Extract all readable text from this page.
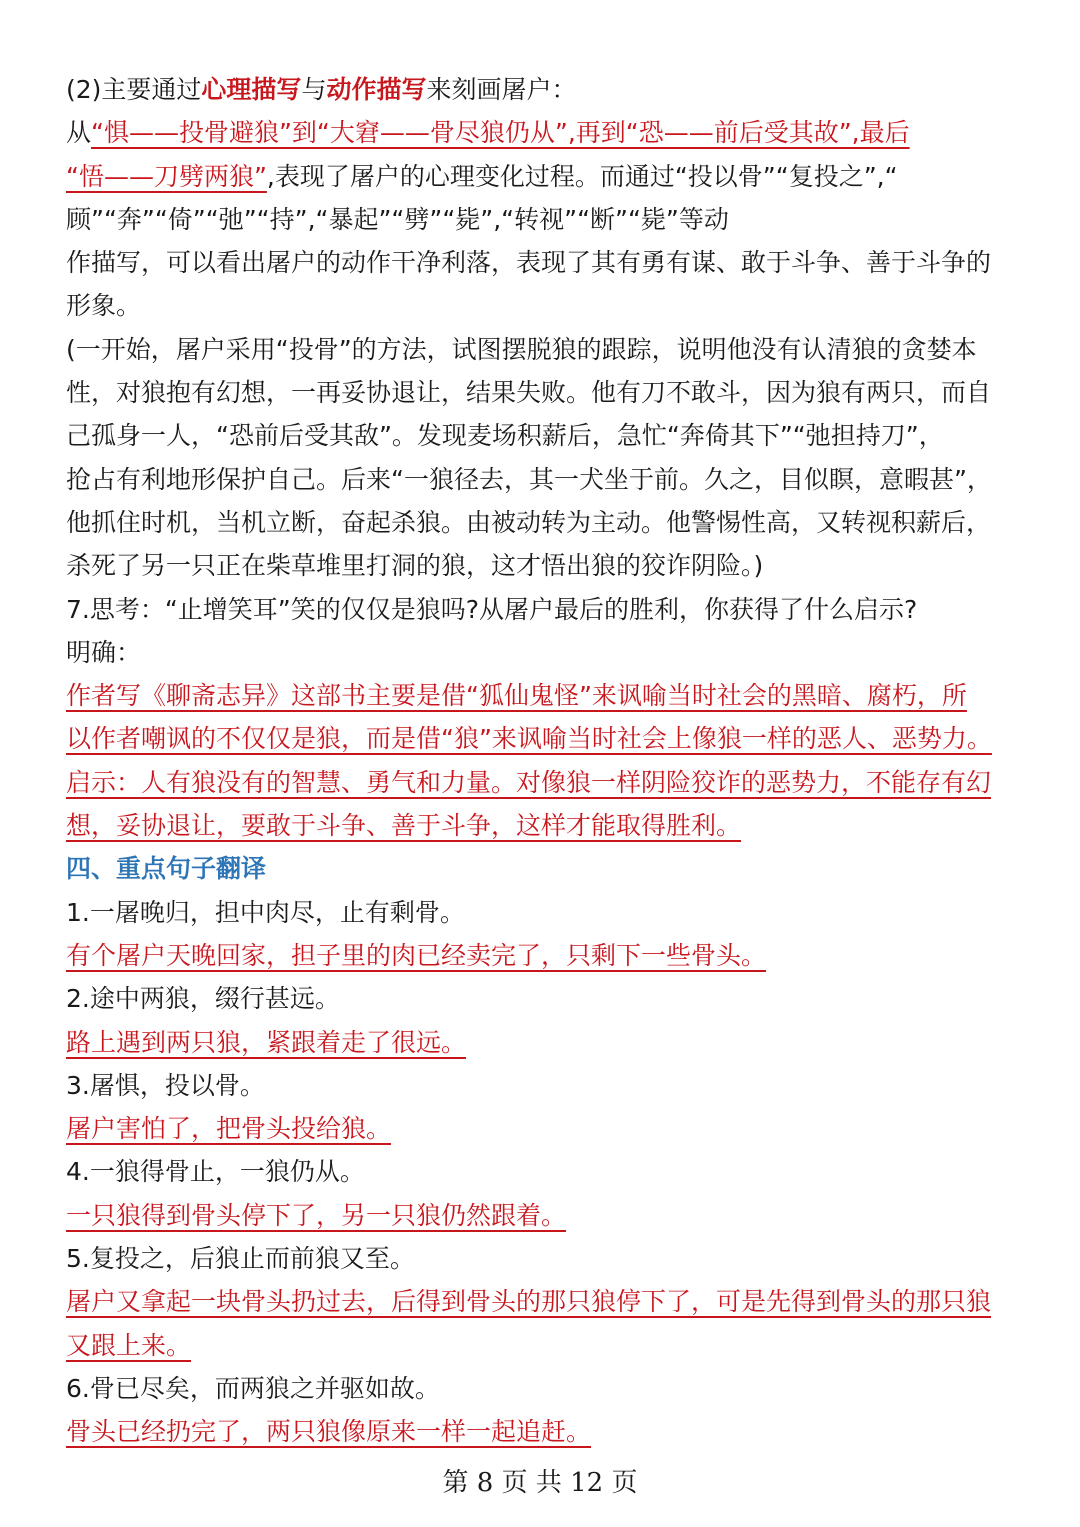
(2)主要通过心理描写与动作描写来刻画屠户：

从“惧——投骨避狼”到“大窘——骨尽狼仍从”,再到“恐——前后受其故”,最后

“悟——刀劈两狼”,表现了屠户的心理变化过程。而通过“投以骨”“复投之”,“

顾”“奔”“倚”“弛”“持”,“暴起”“劈”“毙”,“转视”“断”“毙”等动

作描写，可以看出屠户的动作干净利落，表现了其有勇有谋、敢于斗争、善于斗争的

形象。

(一开始，屠户采用“投骨”的方法，试图摆脱狼的跟踪，说明他没有认清狼的贪婪本

性，对狼抱有幻想，一再妥协退让，结果失败。他有刀不敢斗，因为狼有两只，而自

己孤身一人，“恐前后受其敌”。发现麦场积薪后，急忙“奔倚其下”“弛担持刀”，

抢占有利地形保护自己。后来“一狼径去，其一犬坐于前。久之，目似瞑，意暇甚”，

他抓住时机，当机立断，奋起杀狼。由被动转为主动。他警惕性高，又转视积薪后，

杀死了另一只正在柴草堆里打洞的狼，这才悟出狼的狡诈阴险。)

7.思考：“止增笑耳”笑的仅仅是狼吗?从屠户最后的胜利，你获得了什么启示?

明确：

作者写《聊斋志异》这部书主要是借“狐仙鬼怪”来讽喻当时社会的黑暗、腐朽，所

以作者嘲讽的不仅仅是狼，而是借“狼”来讽喻当时社会上像狼一样的恶人、恶势力。

启示：人有狼没有的智慧、勇气和力量。对像狼一样阴险狡诈的恶势力，不能存有幻

想，妥协退让，要敢于斗争、善于斗争，这样才能取得胜利。

四、重点句子翻译

1.一屠晚归，担中肉尽，止有剩骨。

有个屠户天晚回家，担子里的肉已经卖完了，只剩下一些骨头。

2.途中两狼，缀行甚远。

路上遇到两只狼，紧跟着走了很远。

3.屠惧，投以骨。

屠户害怕了，把骨头投给狼。

4.一狼得骨止，一狼仍从。

一只狼得到骨头停下了，另一只狼仍然跟着。

5.复投之，后狼止而前狼又至。

屠户又拿起一块骨头扔过去，后得到骨头的那只狼停下了，可是先得到骨头的那只狼

又跟上来。

6.骨已尽矣，而两狼之并驱如故。

骨头已经扔完了，两只狼像原来一样一起追赶。

第 8 页 共 12 页
